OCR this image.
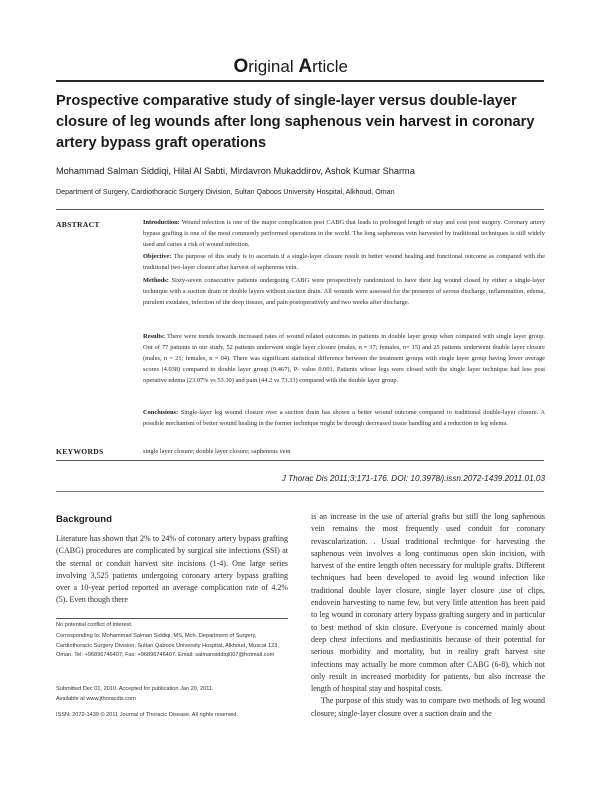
Original Article
Prospective comparative study of single-layer versus double-layer closure of leg wounds after long saphenous vein harvest in coronary artery bypass graft operations
Mohammad Salman Siddiqi, Hilal Al Sabti, Mirdavron Mukaddirov, Ashok Kumar Sharma
Department of Surgery, Cardiothoracic Surgery Division, Sultan Qaboos University Hospital, Alkhoud, Oman
ABSTRACT	Introduction: Wound infection is one of the major complication post CABG that leads to prolonged length of stay and cost post surgery. Coronary artery bypass grafting is one of the most commonly performed operations in the world. The long saphenous vein harvested by traditional techniques is still widely used and caries a risk of wound infection.
Objective: The purpose of this study is to ascertain if a single-layer closure result in better wound healing and functional outcome as compared with the traditional two-layer closure after harvest of saphenous vein.
Methods: Sixty-seven consecutive patients undergoing CABG were prospectively randomized to have their leg wound closed by either a single-layer technique with a suction drain or double layers without suction drain. All wounds were assessed for the presence of serous discharge, inflammation, edema, purulent exudates, infection of the deep tissues, and pain postoperatively and two weeks after discharge.
Results: There were trends towards increased rates of wound related outcomes in patients in double layer group when compared with single layer group. Out of 77 patients in our study, 52 patients underwent single layer closure (males, n = 37; females, n= 15) and 25 patients underwent double layer closure (males, n = 21; females, n = 04). There was significant statistical difference between the treatment groups with single layer group having lower average scores (4.038) compared to double layer group (9.467), P- value 0.001. Patients whose legs were closed with the single layer technique had less post operative edema (23.07% vs 53.30) and pain (44.2 vs 73.33) compared with the double layer group.
Conclusions: Single-layer leg wound closure over a suction drain has shown a better wound outcome compared to traditional double-layer closure. A possible mechanism of better wound healing in the former technique might be through decreased tissue handling and a reduction in leg edema.
KEYWORDS	single layer closure; double layer closure; saphenous vein
J Thorac Dis 2011;3:171-176. DOI: 10.3978/j.issn.2072-1439.2011.01.03
Background

Literature has shown that 2% to 24% of coronary artery bypass grafting (CABG) procedures are complicated by surgical site infections (SSI) at the sternal or conduit harvest site incisions (1-4). One large series involving 3,525 patients undergoing coronary artery bypass grafting over a 10-year period reported an average complication rate of 4.2% (5). Even though there

is an increase in the use of arterial grafts but still the long saphenous vein remains the most frequently used conduit for coronary revascularization. . Usual traditional technique for harvesting the saphenous vein involves a long continuous open skin incision, with harvest of the entire length often necessary for multiple grafts. Different techniques had been developed to avoid leg wound infection like traditional double layer closure, single layer closure ,use of clips, endovein harvesting to name few, but very little attention has been paid to leg wound in coronary artery bypass grafting surgery and in particular to best method of skin closure. Everyone is concerned mainly about deep chest infections and mediastinitis because of their potential for serious morbidity and mortality, but in reality graft harvest site infections may actually be more common after CABG (6-8), which not only result in increased morbidity for patients, but also increase the length of hospital stay and hospital costs.

The purpose of this study was to compare two methods of leg wound closure; single-layer closure over a suction drain and the

No potential conflict of interest.
Corresponding to: Mohammad Salman Siddiqi, MS, Mch. Department of Surgery, Cardiothoracic Surgery Division, Sultan Qaboos University Hospital, Alkhoud, Muscat 123, Oman. Tel: +96896746407; Fax: +96896746407. Email: salmansiddiqi007@hotmail.com
Submitted Dec 01, 2010. Accepted for publication Jan 20, 2011.
Available at www.jthoracdis.com
ISSN: 2072-1439 © 2011 Journal of Thoracic Disease. All rights reserved.
